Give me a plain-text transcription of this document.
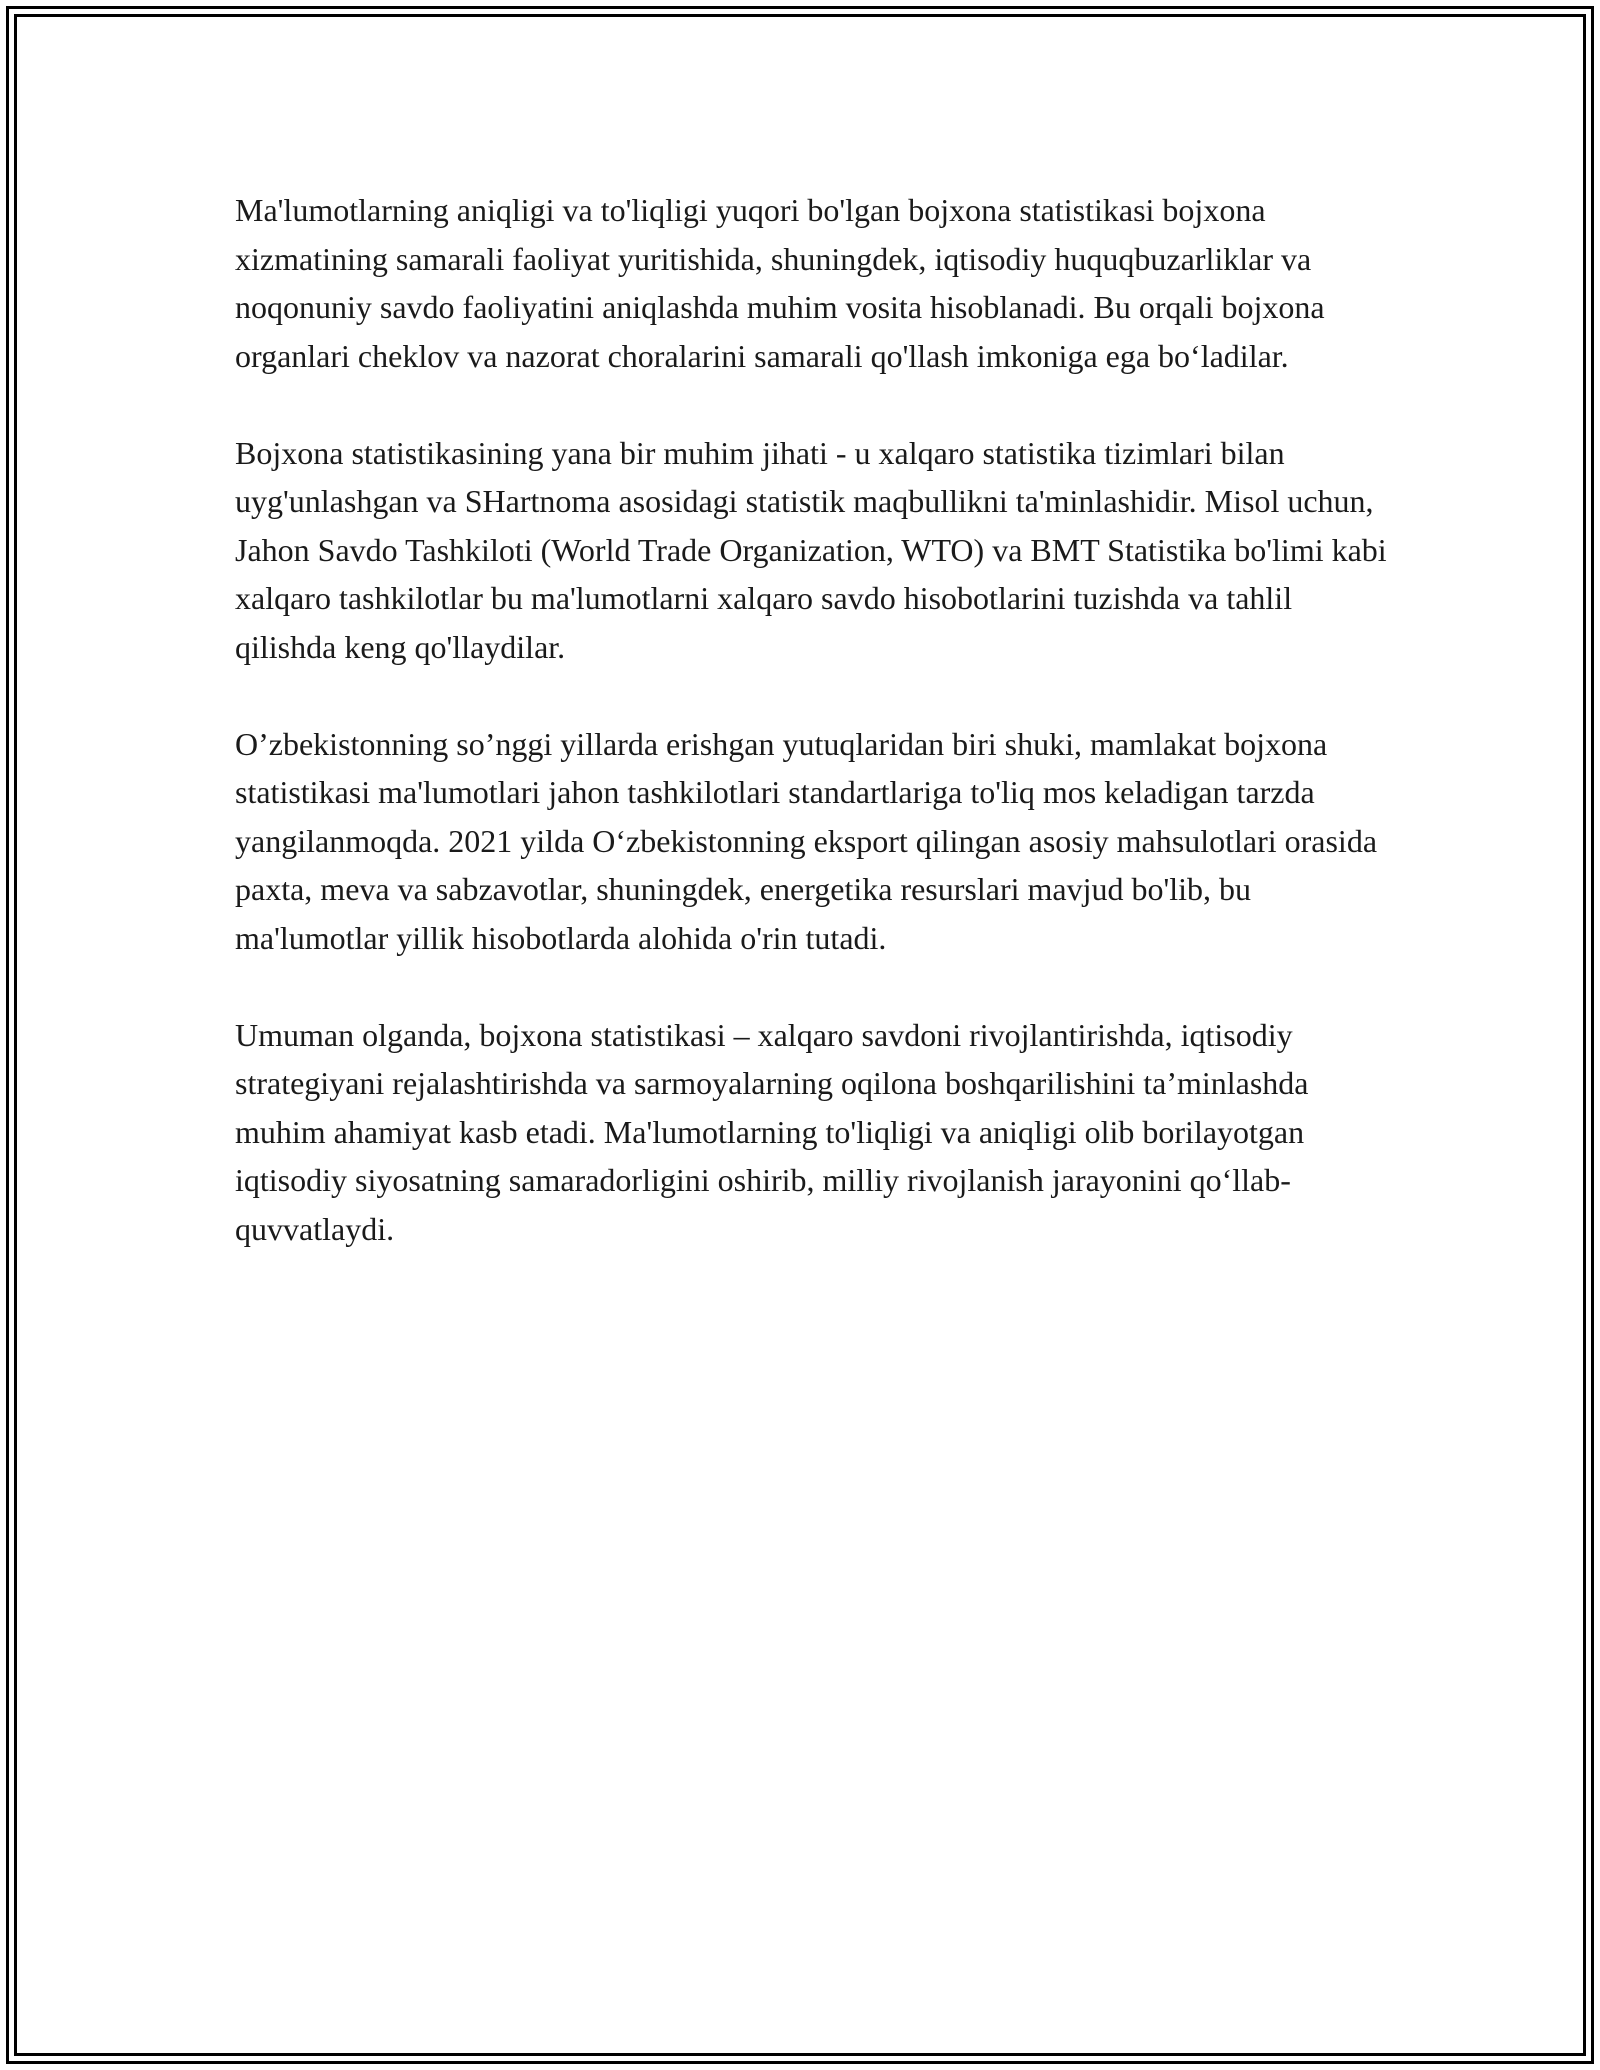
Ma'lumotlarning aniqligi va to'liqligi yuqori bo'lgan bojxona statistikasi bojxona xizmatining samarali faoliyat yuritishida, shuningdek, iqtisodiy huquqbuzarliklar va noqonuniy savdo faoliyatini aniqlashda muhim vosita hisoblanadi. Bu orqali bojxona organlari cheklov va nazorat choralarini samarali qo'llash imkoniga ega bo‘ladilar.

Bojxona statistikasining yana bir muhim jihati - u xalqaro statistika tizimlari bilan uyg'unlashgan va SHartnoma asosidagi statistik maqbullikni ta'minlashidir. Misol uchun, Jahon Savdo Tashkiloti (World Trade Organization, WTO) va BMT Statistika bo'limi kabi xalqaro tashkilotlar bu ma'lumotlarni xalqaro savdo hisobotlarini tuzishda va tahlil qilishda keng qo'llaydilar.

O’zbekistonning so’nggi yillarda erishgan yutuqlaridan biri shuki, mamlakat bojxona statistikasi ma'lumotlari jahon tashkilotlari standartlariga to'liq mos keladigan tarzda yangilanmoqda. 2021 yilda O‘zbekistonning eksport qilingan asosiy mahsulotlari orasida paxta, meva va sabzavotlar, shuningdek, energetika resurslari mavjud bo'lib, bu ma'lumotlar yillik hisobotlarda alohida o'rin tutadi.

Umuman olganda, bojxona statistikasi – xalqaro savdoni rivojlantirishda, iqtisodiy strategiyani rejalashtirishda va sarmoyalarning oqilona boshqarilishini ta’minlashda muhim ahamiyat kasb etadi. Ma'lumotlarning to'liqligi va aniqligi olib borilayotgan iqtisodiy siyosatning samaradorligini oshirib, milliy rivojlanish jarayonini qo‘llab-quvvatlaydi.
